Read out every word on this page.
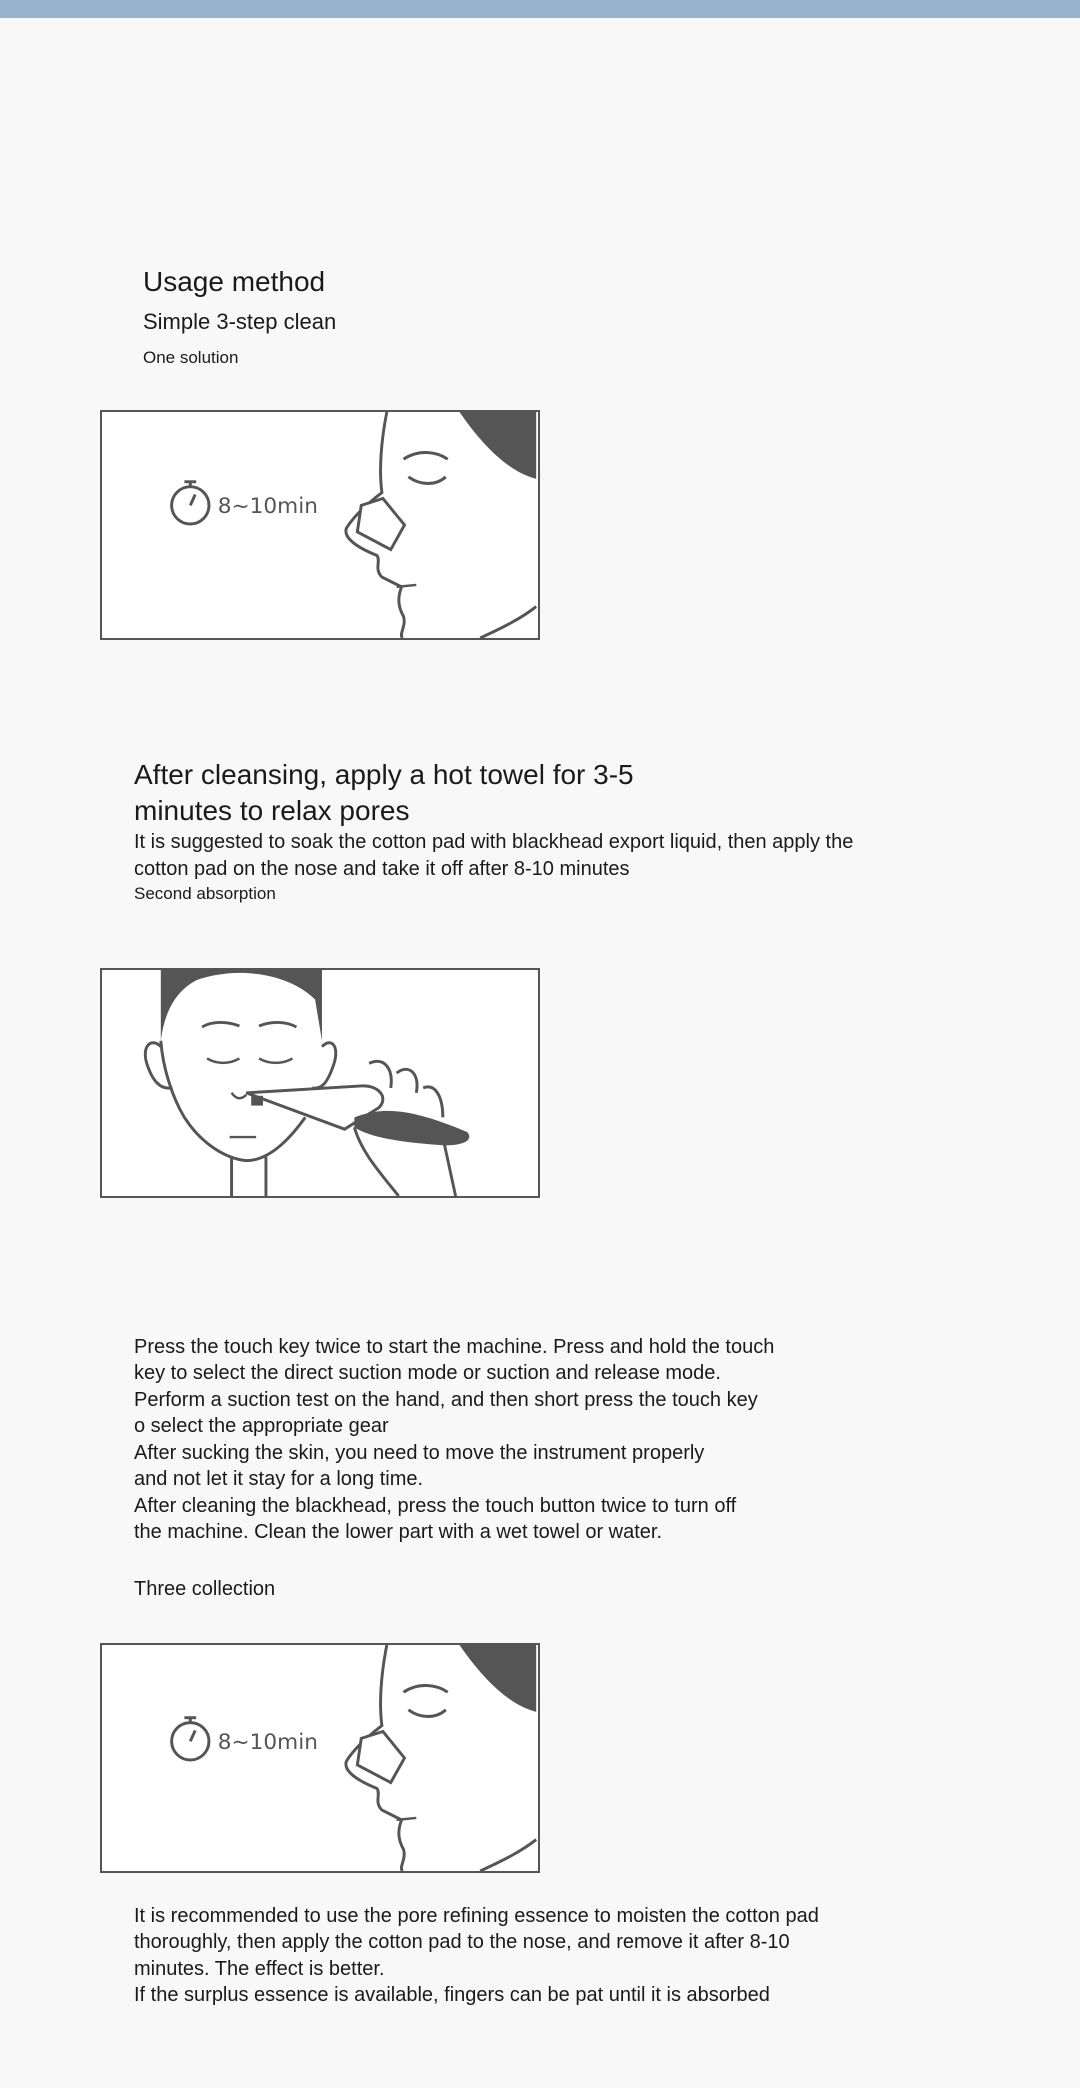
Usage method

Simple 3-step clean

One solution

8~10min

After cleansing, apply a hot towel for 3-5 minutes to relax pores

It is suggested to soak the cotton pad with blackhead export liquid, then apply the cotton pad on the nose and take it off after 8-10 minutes

Second absorption

Press the touch key twice to start the machine. Press and hold the touch

key to select the direct suction mode or suction and release mode.

Perform a suction test on the hand, and then short press the touch key

o select the appropriate gear

After sucking the skin, you need to move the instrument properly

and not let it stay for a long time.

After cleaning the blackhead, press the touch button twice to turn off

the machine. Clean the lower part with a wet towel or water.

Three collection

8~10min

It is recommended to use the pore refining essence to moisten the cotton pad

thoroughly, then apply the cotton pad to the nose, and remove it after 8-10

minutes. The effect is better.

If the surplus essence is available, fingers can be pat until it is absorbed
